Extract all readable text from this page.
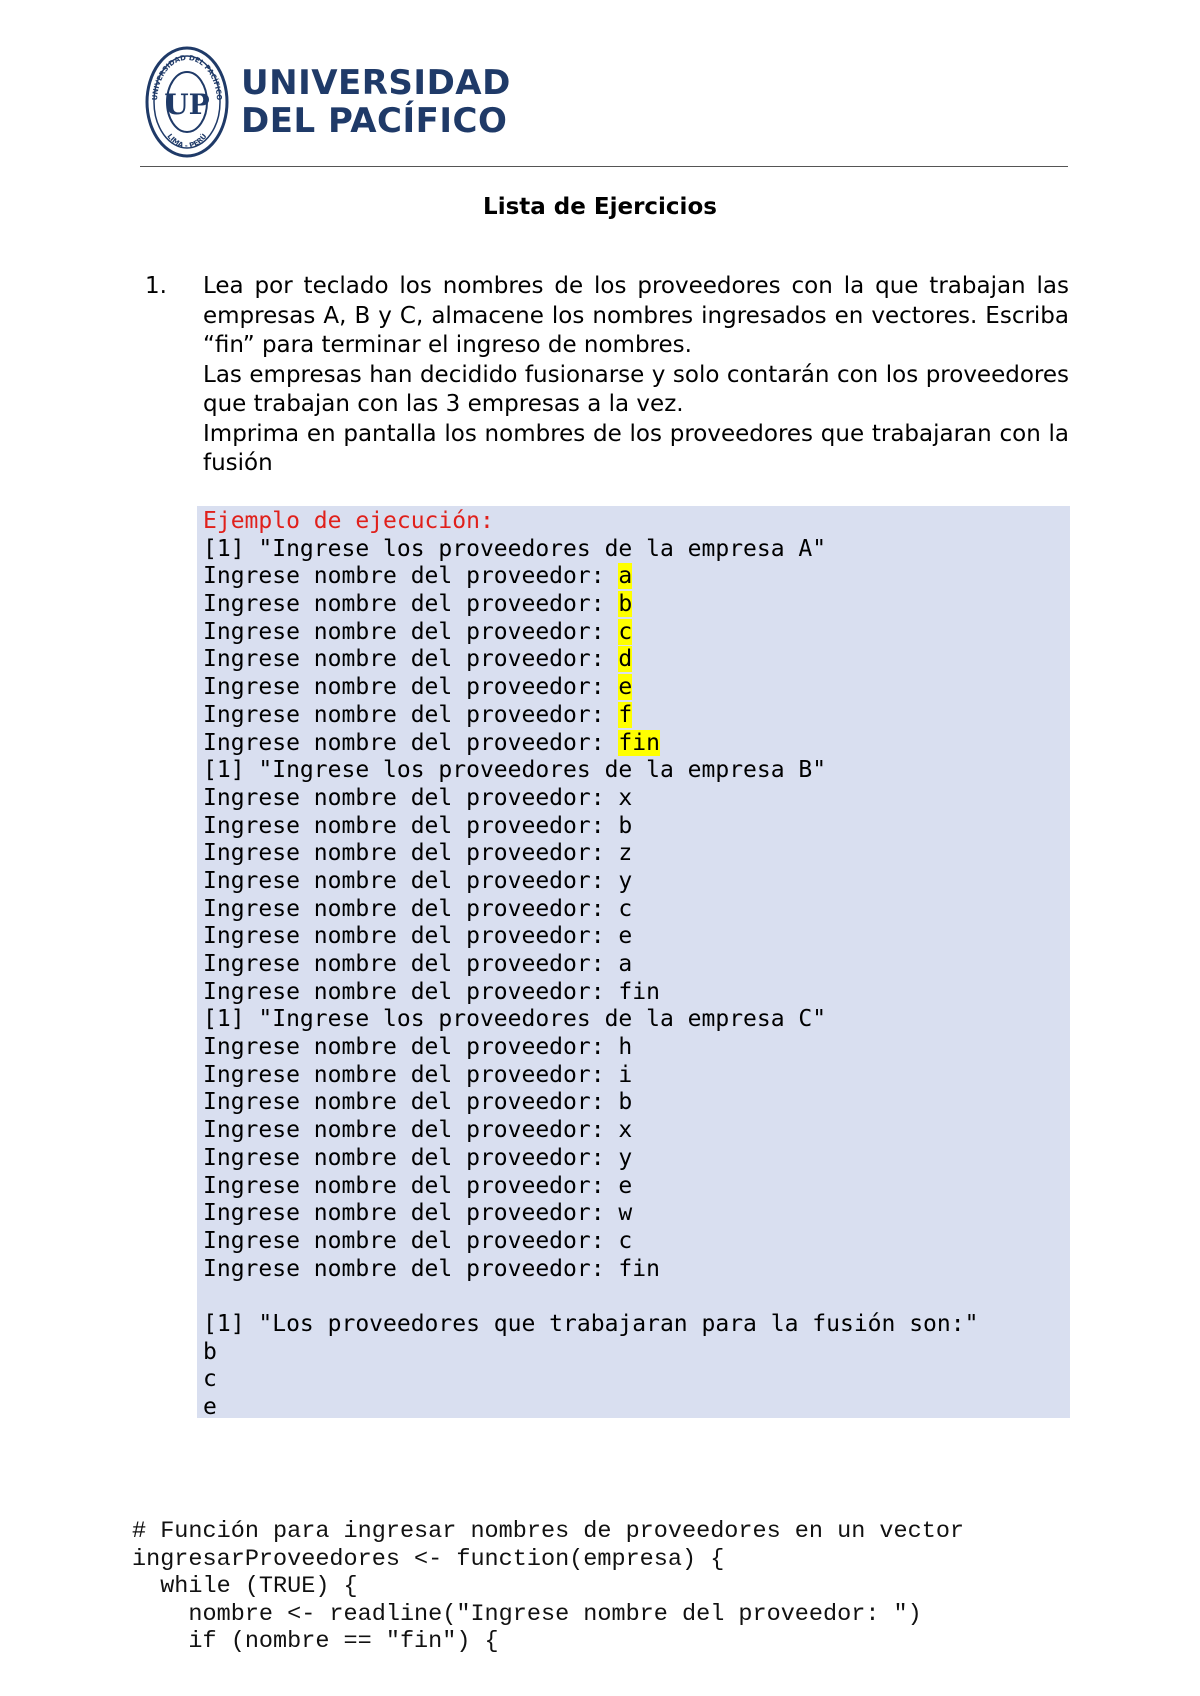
UP
UNIVERSIDAD DEL PACÍFICO
LIMA - PERÚ
UNIVERSIDAD
DEL PACÍFICO
Lista de Ejercicios
1. Lea por teclado los nombres de los proveedores con la que trabajan las empresas A, B y C, almacene los nombres ingresados en vectores. Escriba “fin” para terminar el ingreso de nombres.

Las empresas han decidido fusionarse y solo contarán con los proveedores que trabajan con las 3 empresas a la vez.

Imprima en pantalla los nombres de los proveedores que trabajaran con la fusión

Ejemplo de ejecución:
[1] "Ingrese los proveedores de la empresa A"
Ingrese nombre del proveedor: a
Ingrese nombre del proveedor: b
Ingrese nombre del proveedor: c
Ingrese nombre del proveedor: d
Ingrese nombre del proveedor: e
Ingrese nombre del proveedor: f
Ingrese nombre del proveedor: fin
[1] "Ingrese los proveedores de la empresa B"
Ingrese nombre del proveedor: x
Ingrese nombre del proveedor: b
Ingrese nombre del proveedor: z
Ingrese nombre del proveedor: y
Ingrese nombre del proveedor: c
Ingrese nombre del proveedor: e
Ingrese nombre del proveedor: a
Ingrese nombre del proveedor: fin
[1] "Ingrese los proveedores de la empresa C"
Ingrese nombre del proveedor: h
Ingrese nombre del proveedor: i
Ingrese nombre del proveedor: b
Ingrese nombre del proveedor: x
Ingrese nombre del proveedor: y
Ingrese nombre del proveedor: e
Ingrese nombre del proveedor: w
Ingrese nombre del proveedor: c
Ingrese nombre del proveedor: fin

[1] "Los proveedores que trabajaran para la fusión son:"
b
c
e
# Función para ingresar nombres de proveedores en un vector
ingresarProveedores <- function(empresa) {
while (TRUE) {
nombre <- readline("Ingrese nombre del proveedor: ")
if (nombre == "fin") {
